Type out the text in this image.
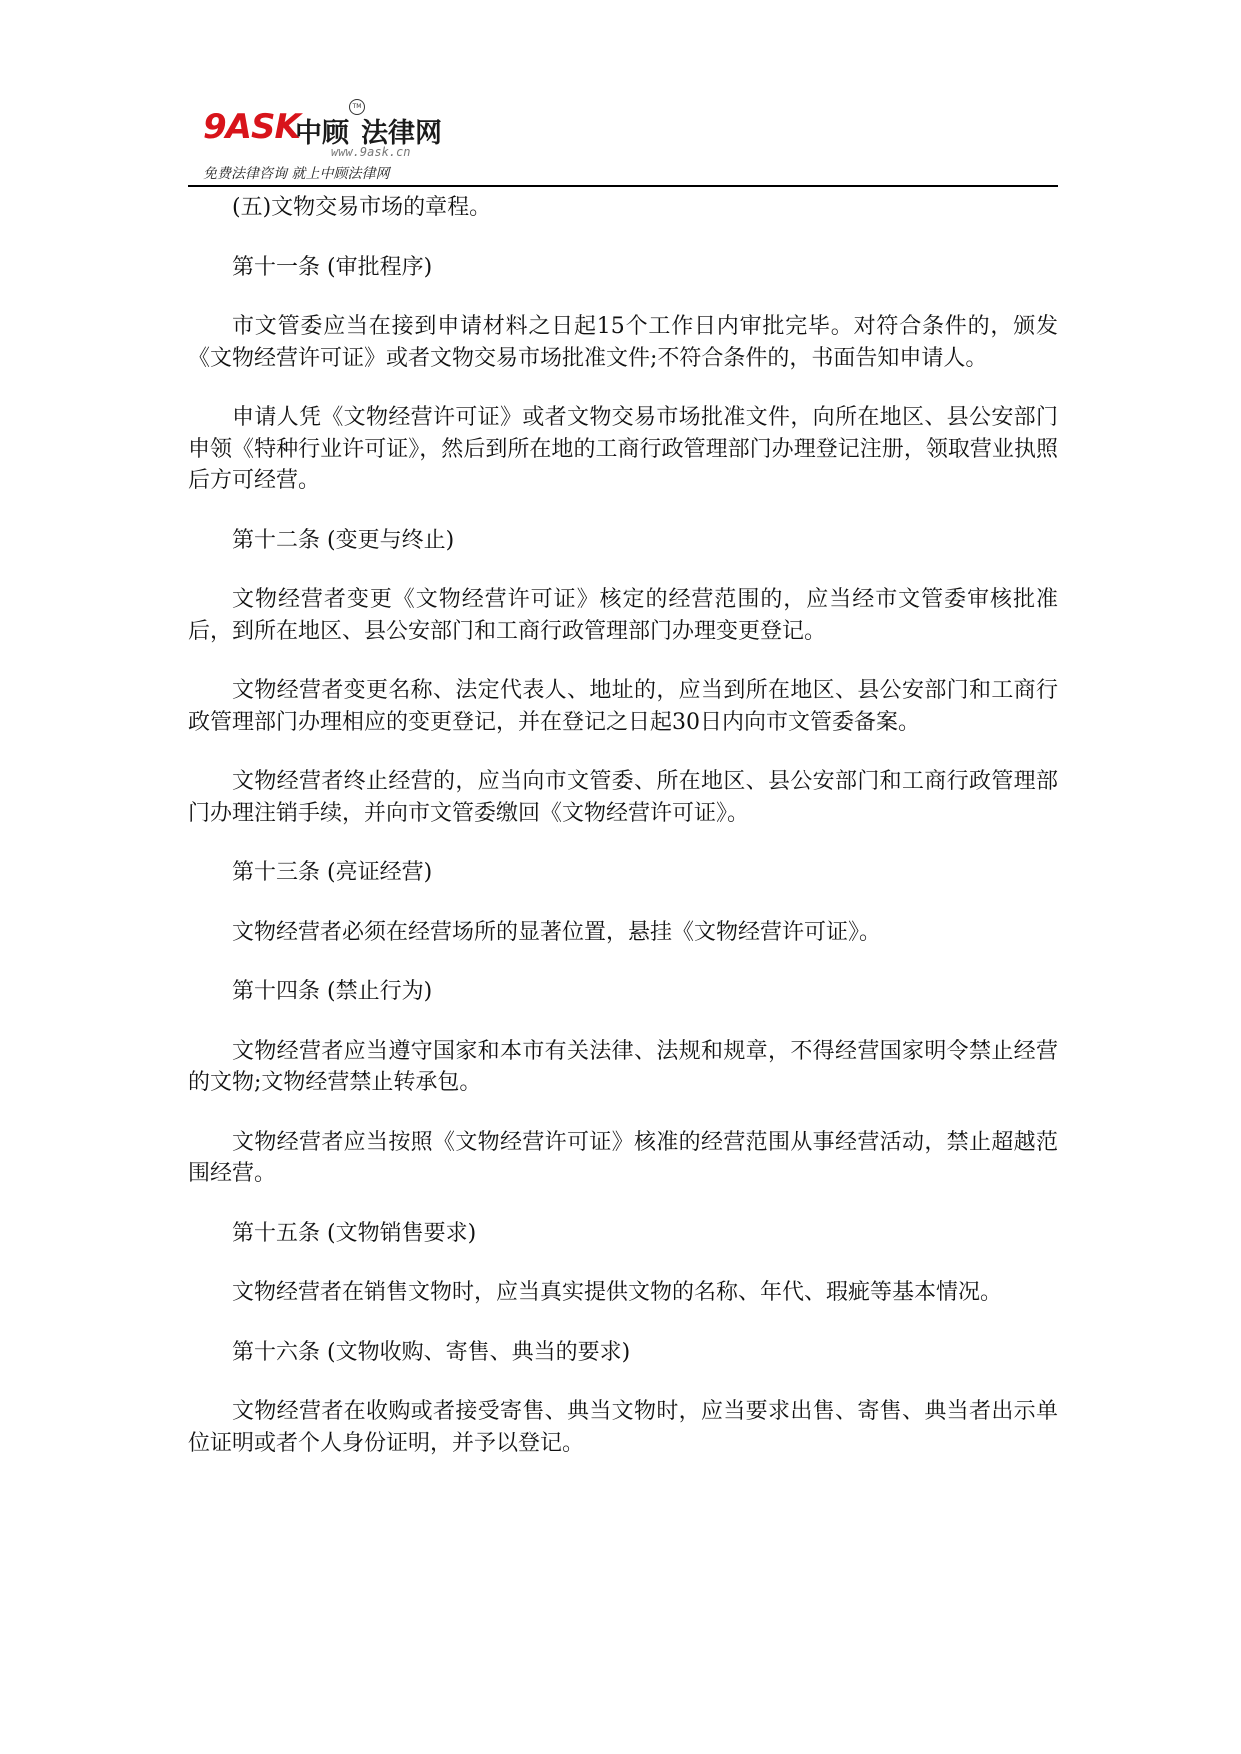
9ASK
中顾
TM
法律网
www.9ask.cn
免费法律咨询 就上中顾法律网

(五)文物交易市场的章程。

第十一条 (审批程序)

市文管委应当在接到申请材料之日起15个工作日内审批完毕。对符合条件的，颁发《文物经营许可证》或者文物交易市场批准文件;不符合条件的，书面告知申请人。

申请人凭《文物经营许可证》或者文物交易市场批准文件，向所在地区、县公安部门申领《特种行业许可证》，然后到所在地的工商行政管理部门办理登记注册，领取营业执照后方可经营。

第十二条 (变更与终止)

文物经营者变更《文物经营许可证》核定的经营范围的，应当经市文管委审核批准后，到所在地区、县公安部门和工商行政管理部门办理变更登记。

文物经营者变更名称、法定代表人、地址的，应当到所在地区、县公安部门和工商行政管理部门办理相应的变更登记，并在登记之日起30日内向市文管委备案。

文物经营者终止经营的，应当向市文管委、所在地区、县公安部门和工商行政管理部门办理注销手续，并向市文管委缴回《文物经营许可证》。

第十三条 (亮证经营)

文物经营者必须在经营场所的显著位置，悬挂《文物经营许可证》。

第十四条 (禁止行为)

文物经营者应当遵守国家和本市有关法律、法规和规章，不得经营国家明令禁止经营的文物;文物经营禁止转承包。

文物经营者应当按照《文物经营许可证》核准的经营范围从事经营活动，禁止超越范围经营。

第十五条 (文物销售要求)

文物经营者在销售文物时，应当真实提供文物的名称、年代、瑕疵等基本情况。

第十六条 (文物收购、寄售、典当的要求)

文物经营者在收购或者接受寄售、典当文物时，应当要求出售、寄售、典当者出示单位证明或者个人身份证明，并予以登记。
